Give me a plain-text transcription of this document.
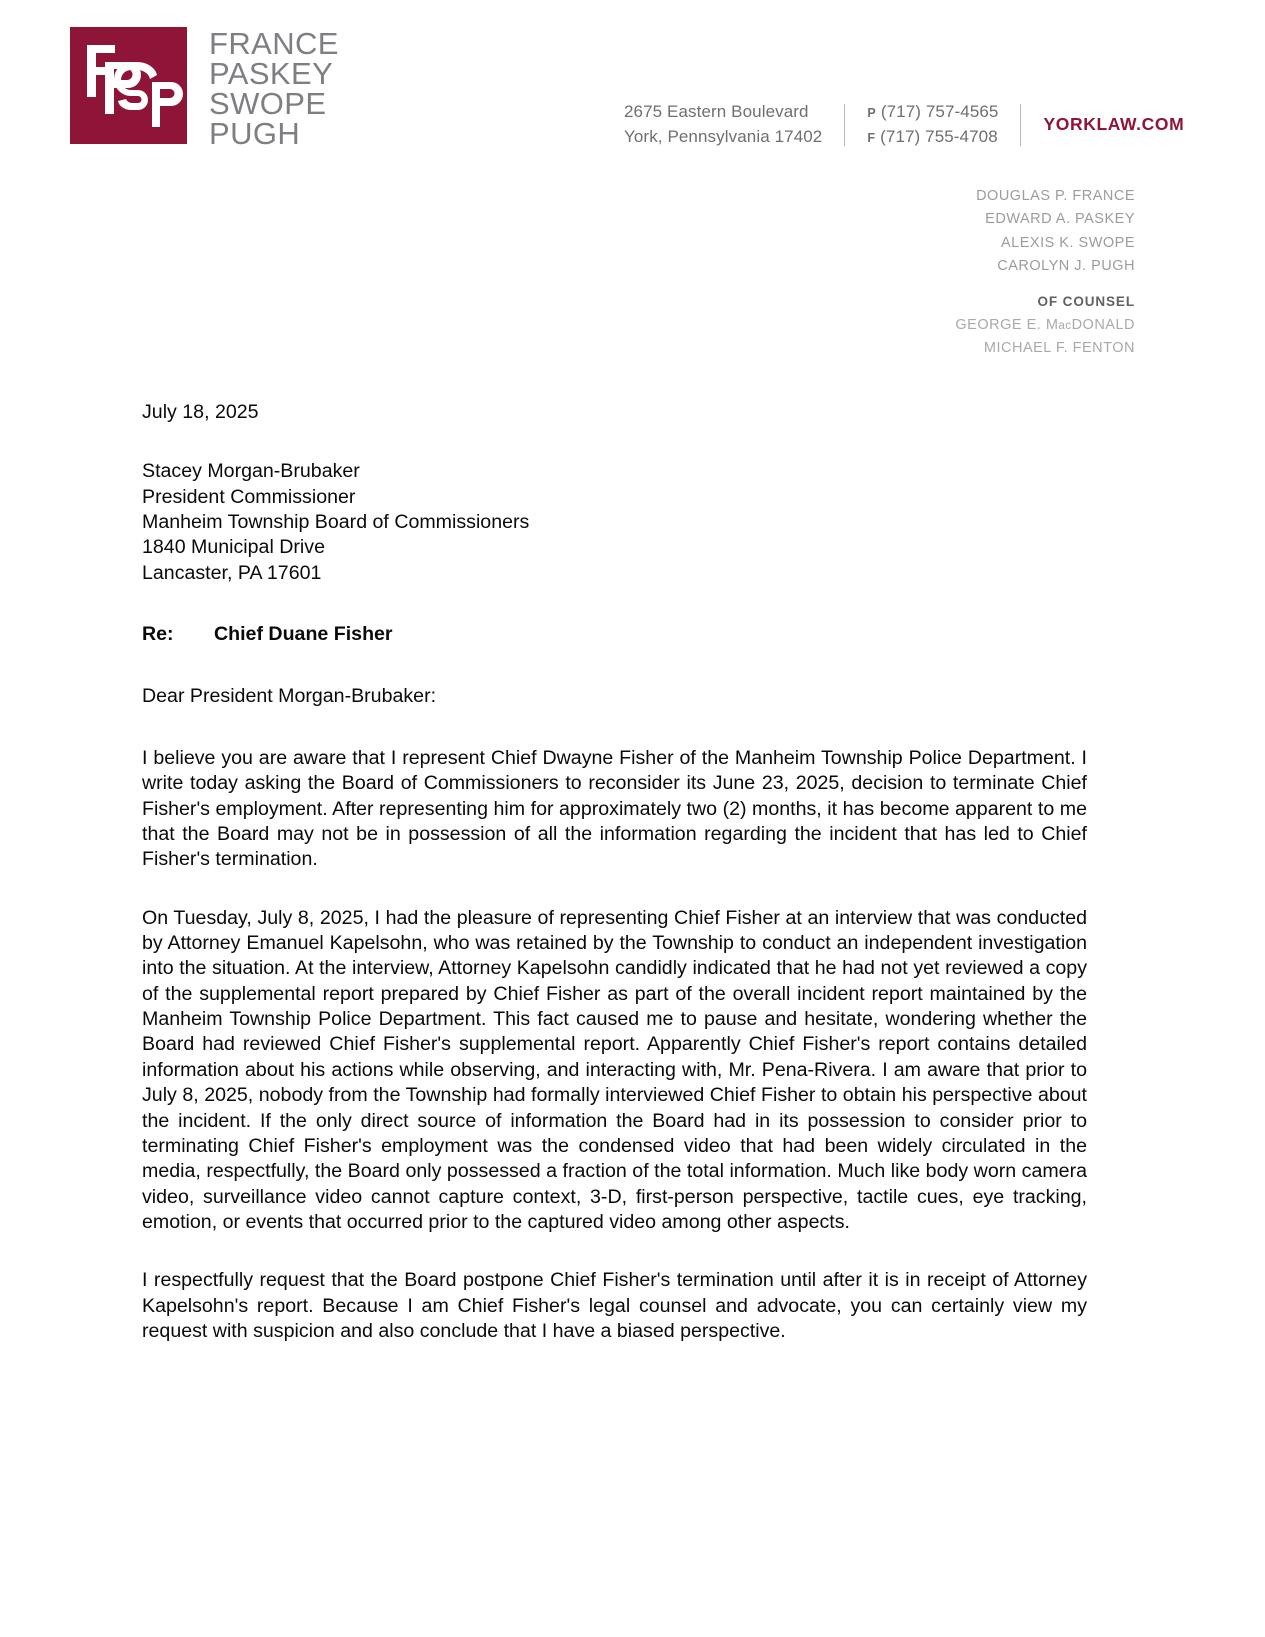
FRANCE
PASKEY
SWOPE
PUGH
2675 Eastern Boulevard
York, Pennsylvania 17402
P (717) 757-4565
F (717) 755-4708
YORKLAW.COM
DOUGLAS P. FRANCE
EDWARD A. PASKEY
ALEXIS K. SWOPE
CAROLYN J. PUGH
OF COUNSEL
GEORGE E. MacDONALD
MICHAEL F. FENTON
July 18, 2025
Stacey Morgan-Brubaker
President Commissioner
Manheim Township Board of Commissioners
1840 Municipal Drive
Lancaster, PA 17601
Re:	Chief Duane Fisher
Dear President Morgan-Brubaker:

I believe you are aware that I represent Chief Dwayne Fisher of the Manheim Township Police Department. I write today asking the Board of Commissioners to reconsider its June 23, 2025, decision to terminate Chief Fisher's employment. After representing him for approximately two (2) months, it has become apparent to me that the Board may not be in possession of all the information regarding the incident that has led to Chief Fisher's termination.

On Tuesday, July 8, 2025, I had the pleasure of representing Chief Fisher at an interview that was conducted by Attorney Emanuel Kapelsohn, who was retained by the Township to conduct an independent investigation into the situation. At the interview, Attorney Kapelsohn candidly indicated that he had not yet reviewed a copy of the supplemental report prepared by Chief Fisher as part of the overall incident report maintained by the Manheim Township Police Department. This fact caused me to pause and hesitate, wondering whether the Board had reviewed Chief Fisher's supplemental report. Apparently Chief Fisher's report contains detailed information about his actions while observing, and interacting with, Mr. Pena-Rivera. I am aware that prior to July 8, 2025, nobody from the Township had formally interviewed Chief Fisher to obtain his perspective about the incident. If the only direct source of information the Board had in its possession to consider prior to terminating Chief Fisher's employment was the condensed video that had been widely circulated in the media, respectfully, the Board only possessed a fraction of the total information. Much like body worn camera video, surveillance video cannot capture context, 3-D, first-person perspective, tactile cues, eye tracking, emotion, or events that occurred prior to the captured video among other aspects.

I respectfully request that the Board postpone Chief Fisher's termination until after it is in receipt of Attorney Kapelsohn's report. Because I am Chief Fisher's legal counsel and advocate, you can certainly view my request with suspicion and also conclude that I have a biased perspective.
